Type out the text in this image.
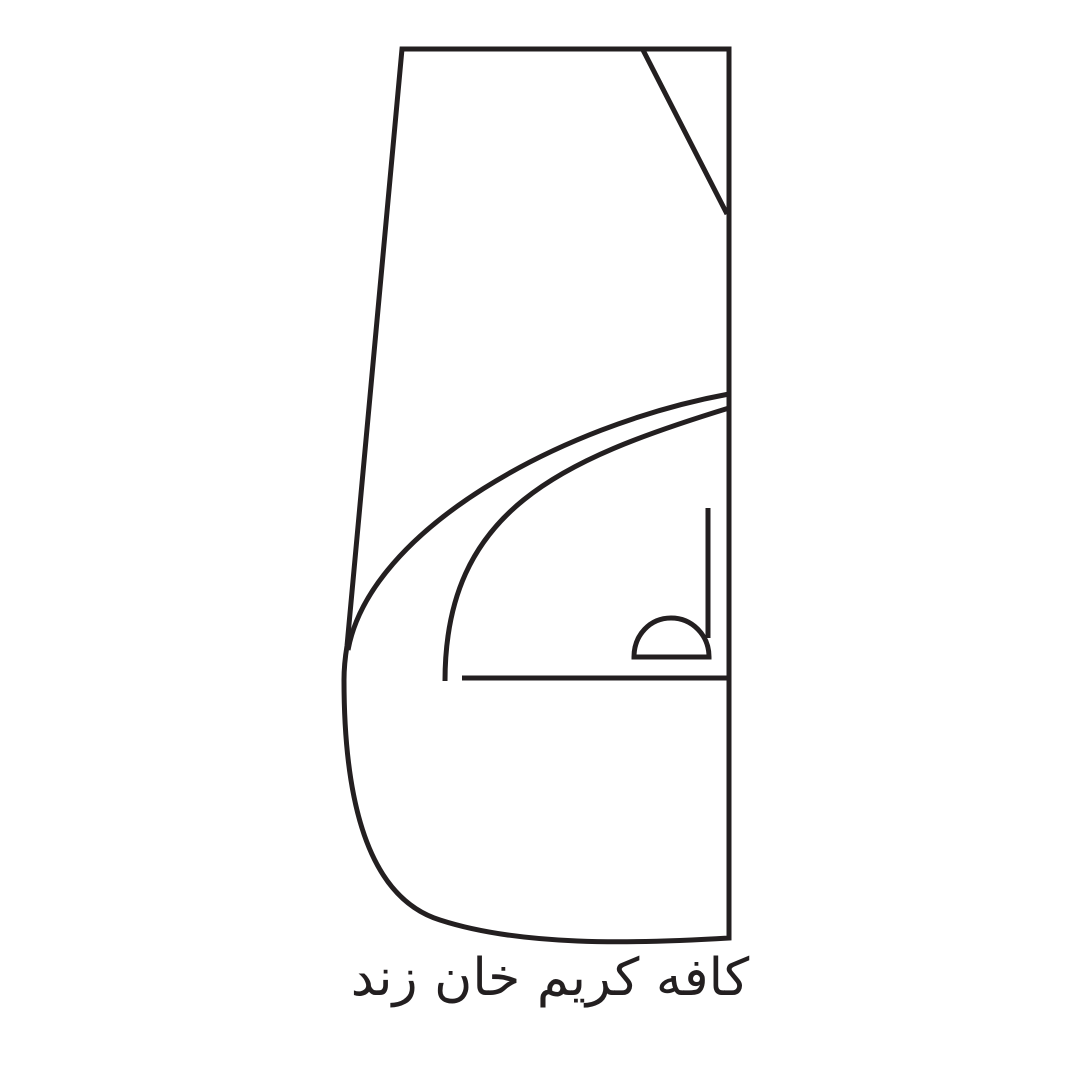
کافه کریم خان زند
